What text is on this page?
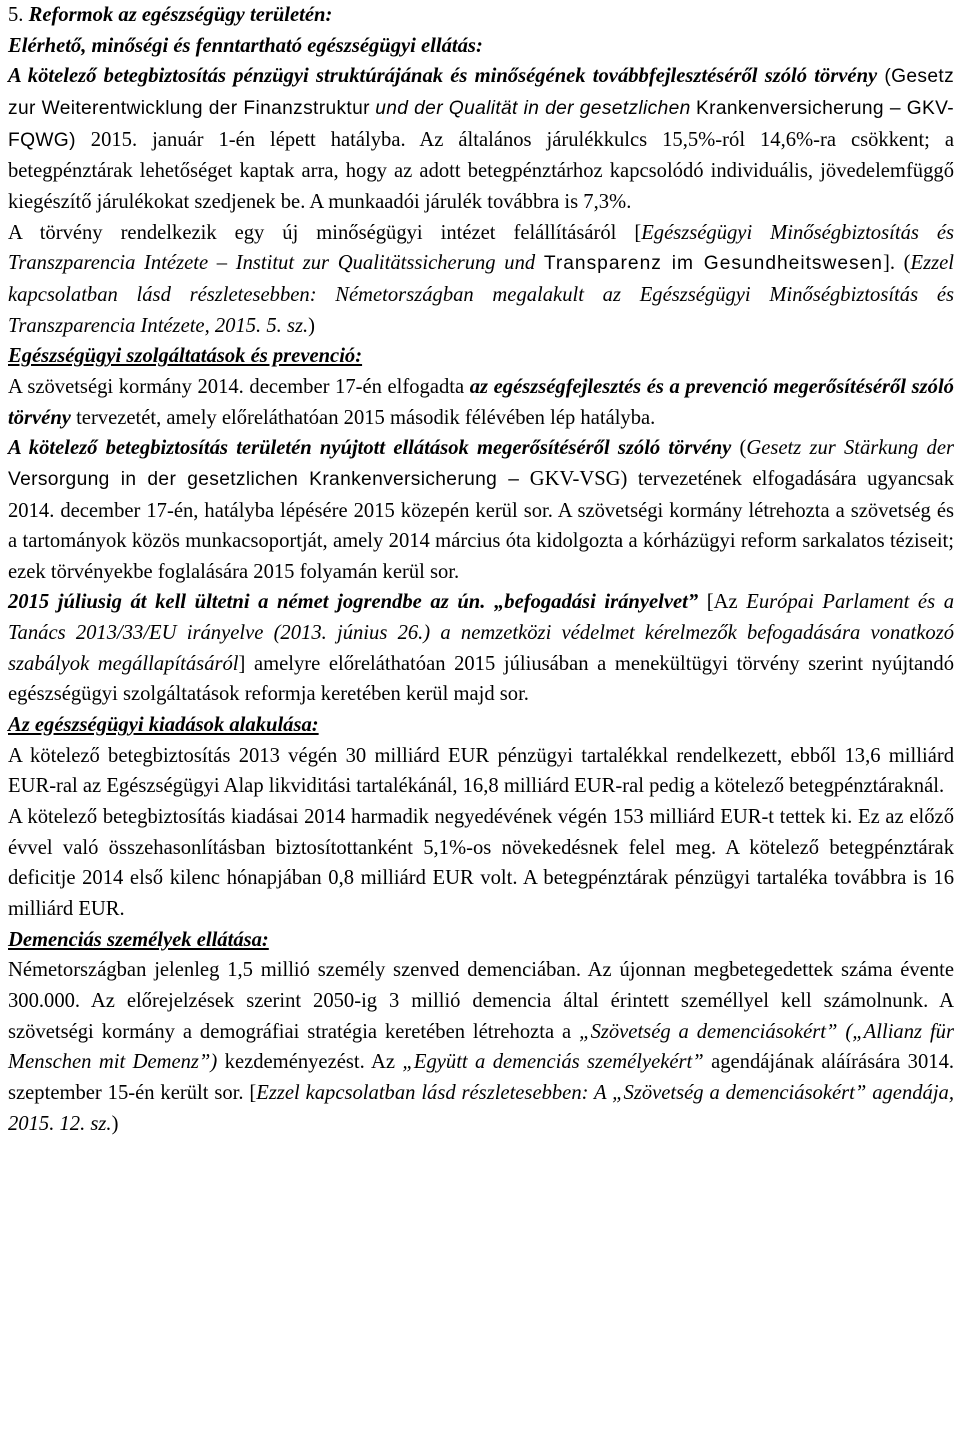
5. Reformok az egészségügy területén:

Elérhető, minőségi és fenntartható egészségügyi ellátás:

A kötelező betegbiztosítás pénzügyi struktúrájának és minőségének továbbfejlesztéséről szóló törvény (Gesetz zur Weiterentwicklung der Finanzstruktur und der Qualität in der gesetzlichen Krankenversicherung – GKV- FQWG) 2015. január 1-én lépett hatályba. Az általános járulékkulcs 15,5%-ról 14,6%-ra csökkent; a betegpénztárak lehetőséget kaptak arra, hogy az adott betegpénztárhoz kapcsolódó individuális, jövedelemfüggő kiegészítő járulékokat szedjenek be. A munkaadói járulék továbbra is 7,3%.

A törvény rendelkezik egy új minőségügyi intézet felállításáról [Egészségügyi Minőségbiztosítás és Transzparencia Intézete – Institut zur Qualitätssicherung und Transparenz im Gesundheitswesen]. (Ezzel kapcsolatban lásd részletesebben: Németországban megalakult az Egészségügyi Minőségbiztosítás és Transzparencia Intézete, 2015. 5. sz.)

Egészségügyi szolgáltatások és prevenció:

A szövetségi kormány 2014. december 17-én elfogadta az egészségfejlesztés és a prevenció megerősítéséről szóló törvény tervezetét, amely előreláthatóan 2015 második félévében lép hatályba.

A kötelező betegbiztosítás területén nyújtott ellátások megerősítéséről szóló törvény (Gesetz zur Stärkung der Versorgung in der gesetzlichen Krankenversicherung – GKV-VSG) tervezetének elfogadására ugyancsak 2014. december 17-én, hatályba lépésére 2015 közepén kerül sor. A szövetségi kormány létrehozta a szövetség és a tartományok közös munkacsoportját, amely 2014 március óta kidolgozta a kórházügyi reform sarkalatos téziseit; ezek törvényekbe foglalására 2015 folyamán kerül sor.

2015 júliusig át kell ültetni a német jogrendbe az ún. „befogadási irányelvet” [Az Európai Parlament és a Tanács 2013/33/EU irányelve (2013. június 26.) a nemzetközi védelmet kérelmezők befogadására vonatkozó szabályok megállapításáról] amelyre előreláthatóan 2015 júliusában a menekültügyi törvény szerint nyújtandó egészségügyi szolgáltatások reformja keretében kerül majd sor.

Az egészségügyi kiadások alakulása:

A kötelező betegbiztosítás 2013 végén 30 milliárd EUR pénzügyi tartalékkal rendelkezett, ebből 13,6 milliárd EUR-ral az Egészségügyi Alap likviditási tartalékánál, 16,8 milliárd EUR-ral pedig a kötelező betegpénztáraknál.

A kötelező betegbiztosítás kiadásai 2014 harmadik negyedévének végén 153 milliárd EUR-t tettek ki. Ez az előző évvel való összehasonlításban biztosítottanként 5,1%-os növekedésnek felel meg. A kötelező betegpénztárak deficitje 2014 első kilenc hónapjában 0,8 milliárd EUR volt. A betegpénztárak pénzügyi tartaléka továbbra is 16 milliárd EUR.

Demenciás személyek ellátása:

Németországban jelenleg 1,5 millió személy szenved demenciában. Az újonnan megbetegedettek száma évente 300.000. Az előrejelzések szerint 2050-ig 3 millió demencia által érintett személlyel kell számolnunk. A szövetségi kormány a demográfiai stratégia keretében létrehozta a „Szövetség a demenciásokért” („Allianz für Menschen mit Demenz”) kezdeményezést. Az „Együtt a demenciás személyekért” agendájának aláírására 3014. szeptember 15-én került sor. [Ezzel kapcsolatban lásd részletesebben: A „Szövetség a demenciásokért” agendája, 2015. 12. sz.)
